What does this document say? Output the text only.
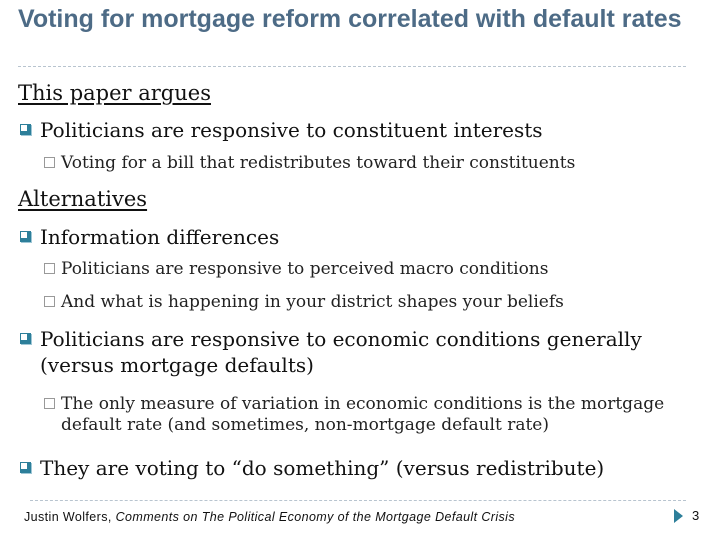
Voting for mortgage reform correlated with default rates
This paper argues
Politicians are responsive to constituent interests
Voting for a bill that redistributes toward their constituents
Alternatives
Information differences
Politicians are responsive to perceived macro conditions
And what is happening in your district shapes your beliefs
Politicians are responsive to economic conditions generally (versus mortgage defaults)
The only measure of variation in economic conditions is the mortgage default rate (and sometimes, non-mortgage default rate)
They are voting to “do something” (versus redistribute)
Justin Wolfers, Comments on The Political Economy of the Mortgage Default Crisis	3
